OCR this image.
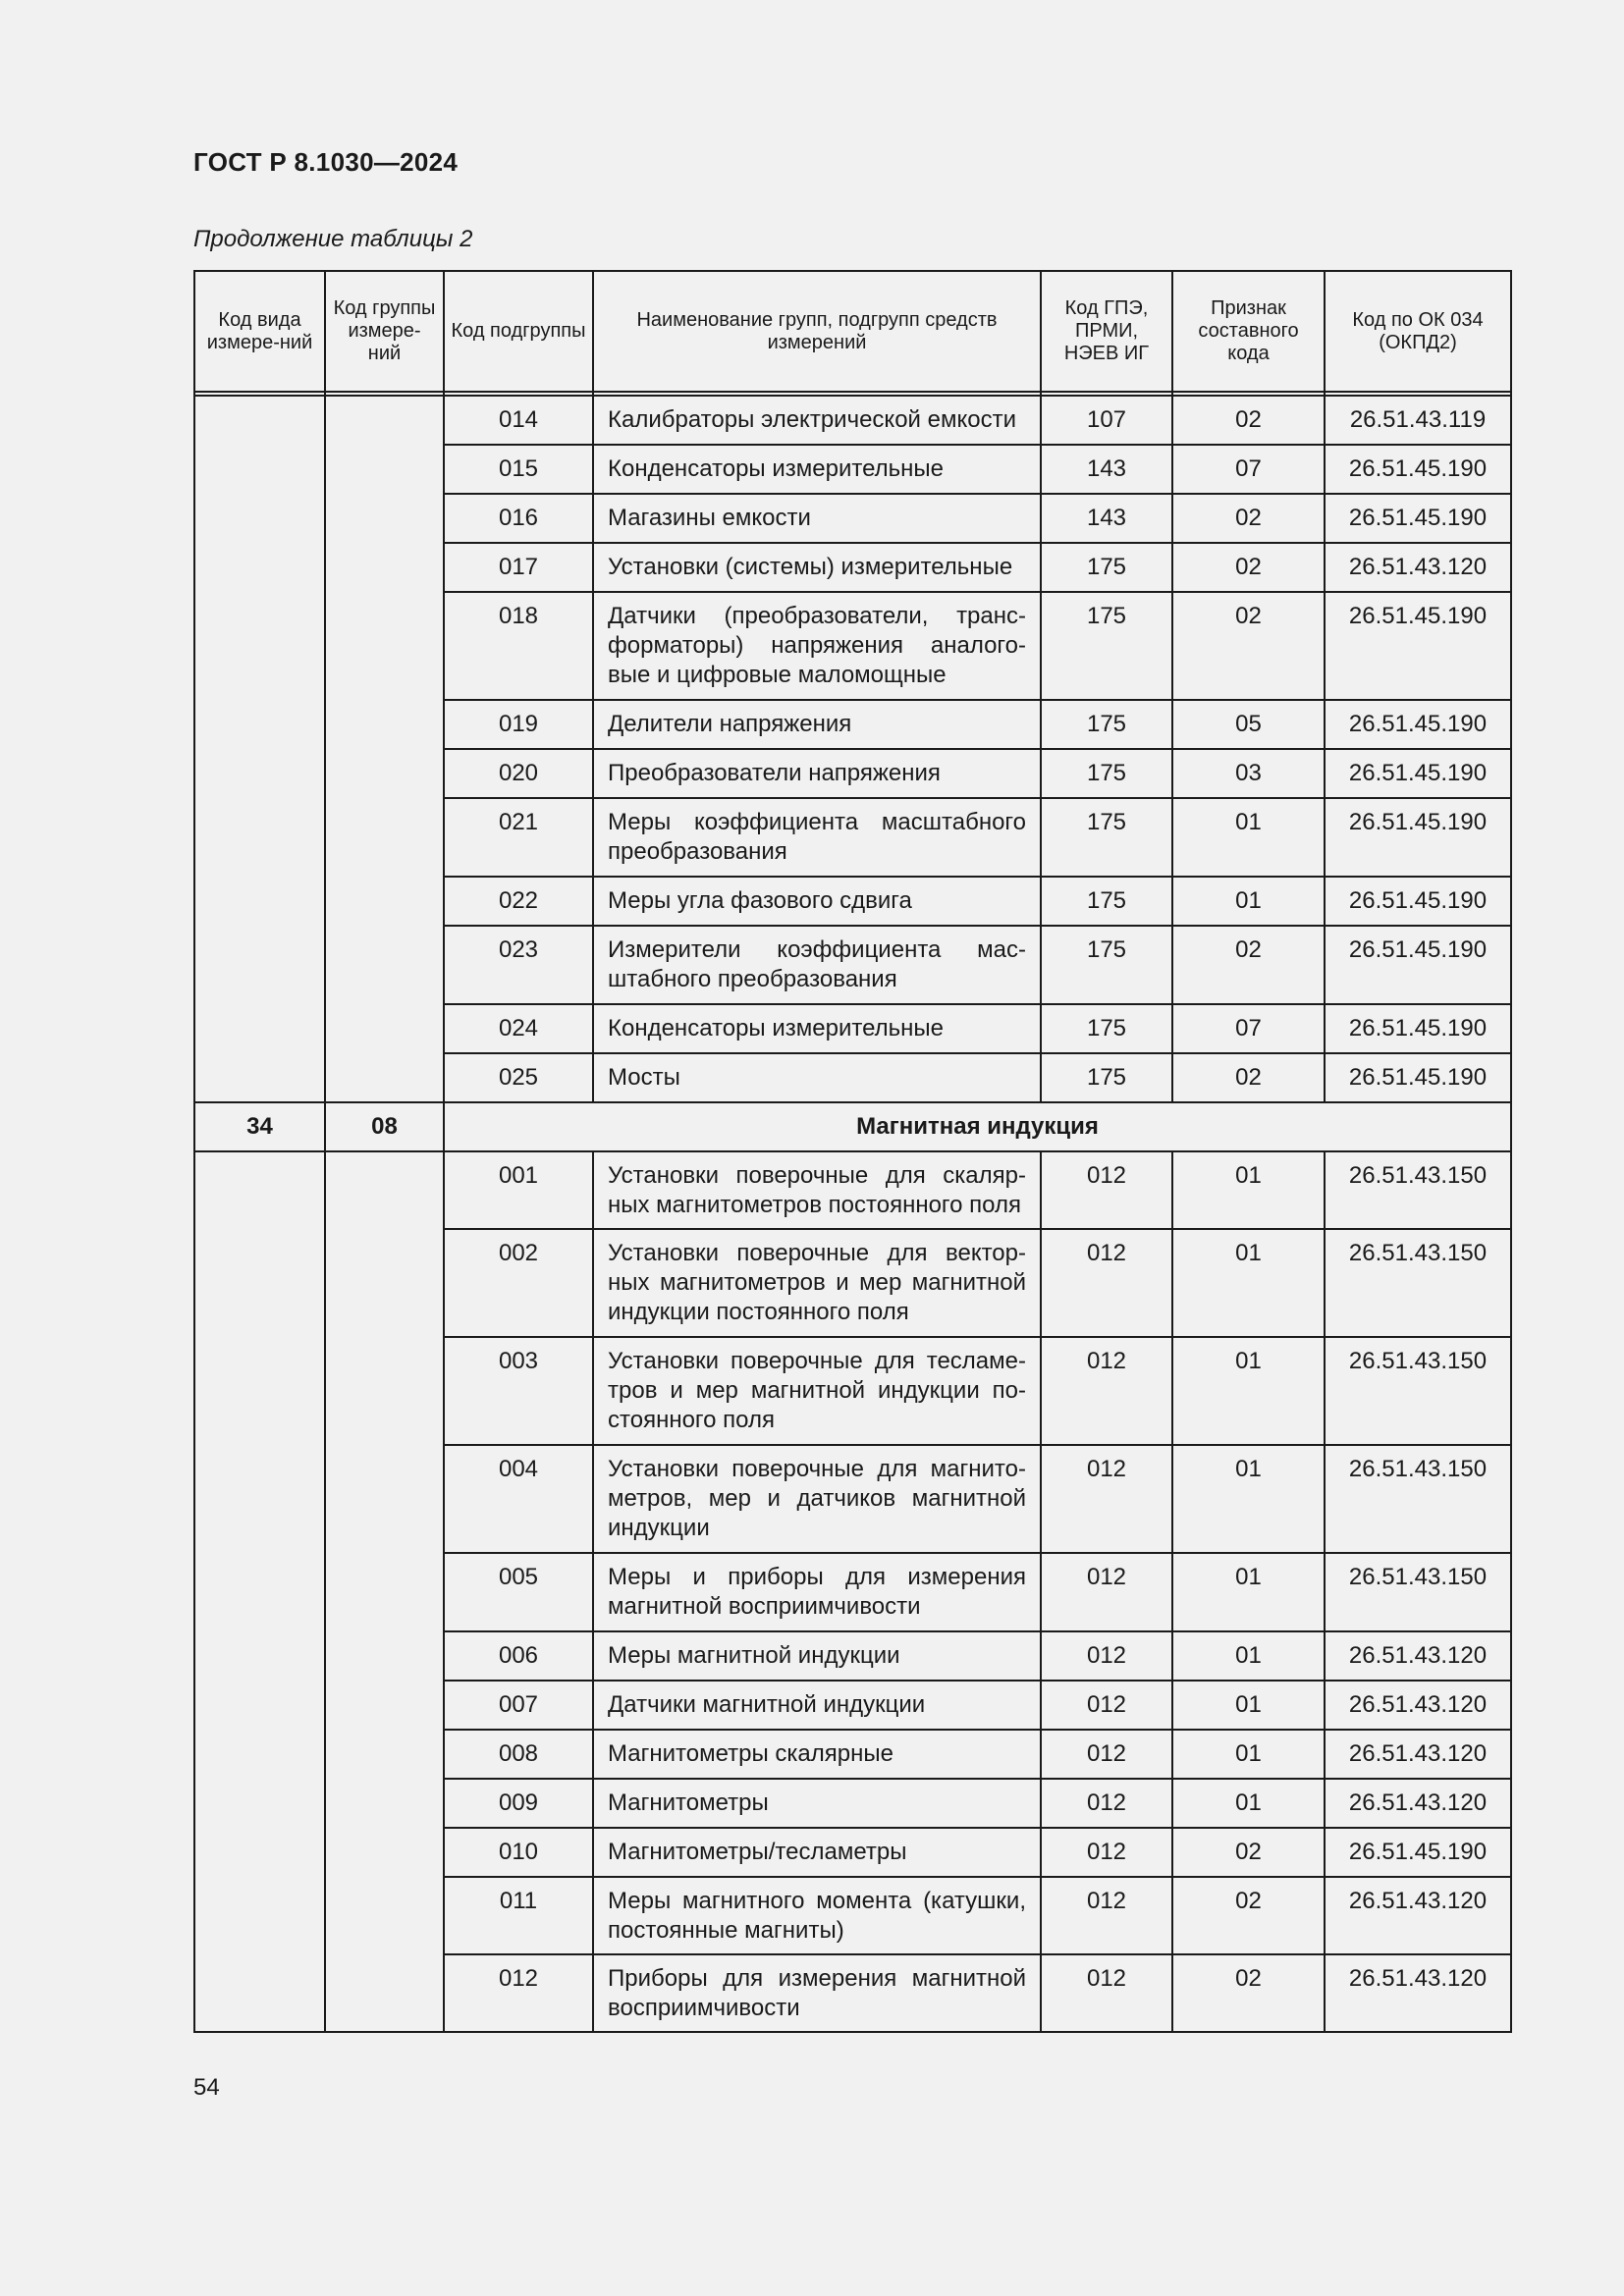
ГОСТ Р 8.1030—2024
Продолжение таблицы 2
Код вида измере-ний	Код группы измере-ний	Код подгруппы	Наименование групп, подгрупп средств измерений	Код ГПЭ, ПРМИ, НЭЕВ ИГ	Признак составного кода	Код по ОК 034 (ОКПД2)

		014	Калибраторы электрической емкости	107	02	26.51.43.119
		015	Конденсаторы измерительные	143	07	26.51.45.190
		016	Магазины емкости	143	02	26.51.45.190
		017	Установки (системы) измерительные	175	02	26.51.43.120
		018	Датчики (преобразователи, транс-форматоры) напряжения аналого-вые и цифровые маломощные	175	02	26.51.45.190
		019	Делители напряжения	175	05	26.51.45.190
		020	Преобразователи напряжения	175	03	26.51.45.190
		021	Меры коэффициента масштабного преобразования	175	01	26.51.45.190
		022	Меры угла фазового сдвига	175	01	26.51.45.190
		023	Измерители коэффициента мас-штабного преобразования	175	02	26.51.45.190
		024	Конденсаторы измерительные	175	07	26.51.45.190
		025	Мосты	175	02	26.51.45.190
34	08	Магнитная индукция				
		001	Установки поверочные для скаляр-ных магнитометров постоянного поля	012	01	26.51.43.150
		002	Установки поверочные для вектор-ных магнитометров и мер магнитной индукции постоянного поля	012	01	26.51.43.150
		003	Установки поверочные для тесламе-тров и мер магнитной индукции по-стоянного поля	012	01	26.51.43.150
		004	Установки поверочные для магнито-метров, мер и датчиков магнитной индукции	012	01	26.51.43.150
		005	Меры и приборы для измерения магнитной восприимчивости	012	01	26.51.43.150
		006	Меры магнитной индукции	012	01	26.51.43.120
		007	Датчики магнитной индукции	012	01	26.51.43.120
		008	Магнитометры скалярные	012	01	26.51.43.120
		009	Магнитометры	012	01	26.51.43.120
		010	Магнитометры/тесламетры	012	02	26.51.45.190
		011	Меры магнитного момента (катушки, постоянные магниты)	012	02	26.51.43.120
		012	Приборы для измерения магнитной восприимчивости	012	02	26.51.43.120
54
